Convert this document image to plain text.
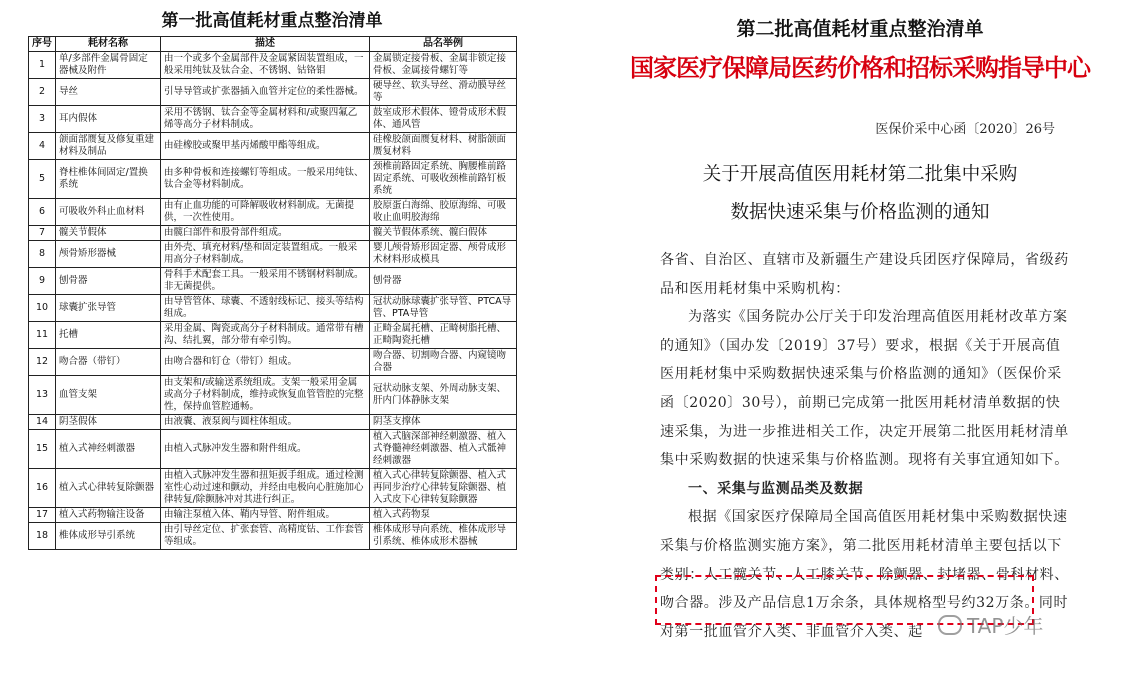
第一批高值耗材重点整治清单
序号	耗材名称	描述	品名举例
1	单/多部件金属骨固定器械及附件	由一个或多个金属部件及金属紧固装置组成，一般采用纯钛及钛合金、不锈钢、钴铬钼	金属锁定接骨板、金属非锁定接骨板、金属接骨螺钉等
2	导丝	引导导管或扩张器插入血管并定位的柔性器械。	硬导丝、软头导丝、滑动膜导丝等
3	耳内假体	采用不锈钢、钛合金等金属材料和/或聚四氟乙烯等高分子材料制成。	鼓室成形术假体、镫骨成形术假体、通风管
4	颌面部赝复及修复重建材料及制品	由硅橡胶或聚甲基丙烯酸甲酯等组成。	硅橡胶颌面赝复材料、树脂颌面赝复材料
5	脊柱椎体间固定/置换系统	由多种骨板和连接螺钉等组成。一般采用纯钛、钛合金等材料制成。	颈椎前路固定系统、胸腰椎前路固定系统、可吸收颈椎前路钉板系统
6	可吸收外科止血材料	由有止血功能的可降解吸收材料制成。无菌提供，一次性使用。	胶原蛋白海绵、胶原海绵、可吸收止血明胶海绵
7	髋关节假体	由髋臼部件和股骨部件组成。	髋关节假体系统、髋臼假体
8	颅骨矫形器械	由外壳、填充材料/垫和固定装置组成。一般采用高分子材料制成。	婴儿颅骨矫形固定器、颅骨成形术材料形成模具
9	刨骨器	骨科手术配套工具。一般采用不锈钢材料制成。非无菌提供。	刨骨器
10	球囊扩张导管	由导管管体、球囊、不透射线标记、接头等结构组成。	冠状动脉球囊扩张导管、PTCA导管、PTA导管
11	托槽	采用金属、陶瓷或高分子材料制成。通常带有槽沟、结扎翼，部分带有牵引钩。	正畸金属托槽、正畸树脂托槽、正畸陶瓷托槽
12	吻合器（带钉）	由吻合器和钉仓（带钉）组成。	吻合器、切割吻合器、内窥镜吻合器
13	血管支架	由支架和/或输送系统组成。支架一般采用金属或高分子材料制成，维持或恢复血管管腔的完整性，保持血管腔通畅。	冠状动脉支架、外周动脉支架、肝内门体静脉支架
14	阴茎假体	由液囊、液泵阀与圆柱体组成。	阴茎支撑体
15	植入式神经刺激器	由植入式脉冲发生器和附件组成。	植入式脑深部神经刺激器、植入式脊髓神经刺激器、植入式骶神经刺激器
16	植入式心律转复除颤器	由植入式脉冲发生器和扭矩扳手组成。通过检测室性心动过速和颤动，并经由电极向心脏施加心律转复/除颤脉冲对其进行纠正。	植入式心律转复除颤器、植入式再同步治疗心律转复除颤器、植入式皮下心律转复除颤器
17	植入式药物输注设备	由输注泵植入体、鞘内导管、附件组成。	植入式药物泵
18	椎体成形导引系统	由引导丝定位、扩张套管、高精度钻、工作套管等组成。	椎体成形导向系统、椎体成形导引系统、椎体成形术器械
第二批高值耗材重点整治清单
国家医疗保障局医药价格和招标采购指导中心
医保价采中心函〔2020〕26号
关于开展高值医用耗材第二批集中采购
数据快速采集与价格监测的通知

各省、自治区、直辖市及新疆生产建设兵团医疗保障局，省级药品和医用耗材集中采购机构：

为落实《国务院办公厅关于印发治理高值医用耗材改革方案的通知》（国办发〔2019〕37号）要求，根据《关于开展高值医用耗材集中采购数据快速采集与价格监测的通知》（医保价采函〔2020〕30号），前期已完成第一批医用耗材清单数据的快速采集，为进一步推进相关工作，决定开展第二批医用耗材清单集中采购数据的快速采集与价格监测。现将有关事宜通知如下。

一、采集与监测品类及数据

根据《国家医疗保障局全国高值医用耗材集中采购数据快速采集与价格监测实施方案》，第二批医用耗材清单主要包括以下类别：人工髋关节、人工膝关节、除颤器、封堵器、骨科材料、吻合器。涉及产品信息1万余条，具体规格型号约32万条。同时对第一批血管介入类、非血管介入类、起	TAP少年
